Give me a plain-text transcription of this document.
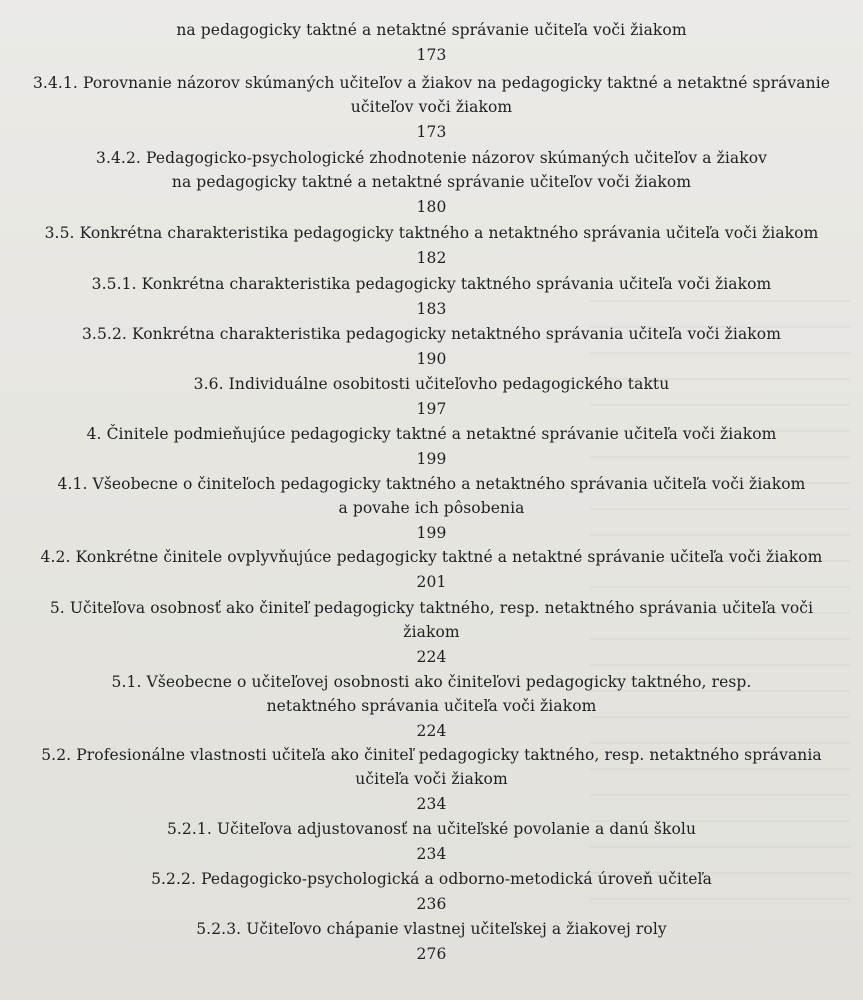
na pedagogicky taktné a netaktné správanie učiteľa voči žiakom
173
3.4.1. Porovnanie názorov skúmaných učiteľov a žiakov na pedagogicky taktné a netaktné správanie
učiteľov voči žiakom
173
3.4.2. Pedagogicko-psychologické zhodnotenie názorov skúmaných učiteľov a žiakov
na pedagogicky taktné a netaktné správanie učiteľov voči žiakom
180
3.5. Konkrétna charakteristika pedagogicky taktného a netaktného správania učiteľa voči žiakom
182
3.5.1. Konkrétna charakteristika pedagogicky taktného správania učiteľa voči žiakom
183
3.5.2. Konkrétna charakteristika pedagogicky netaktného správania učiteľa voči žiakom
190
3.6. Individuálne osobitosti učiteľovho pedagogického taktu
197
4. Činitele podmieňujúce pedagogicky taktné a netaktné správanie učiteľa voči žiakom
199
4.1. Všeobecne o činiteľoch pedagogicky taktného a netaktného správania učiteľa voči žiakom
a povahe ich pôsobenia
199
4.2. Konkrétne činitele ovplyvňujúce pedagogicky taktné a netaktné správanie učiteľa voči žiakom
201
5. Učiteľova osobnosť ako činiteľ pedagogicky taktného, resp. netaktného správania učiteľa voči
žiakom
224
5.1. Všeobecne o učiteľovej osobnosti ako činiteľovi pedagogicky taktného, resp.
netaktného správania učiteľa voči žiakom
224
5.2. Profesionálne vlastnosti učiteľa ako činiteľ pedagogicky taktného, resp. netaktného správania
učiteľa voči žiakom
234
5.2.1. Učiteľova adjustovanosť na učiteľské povolanie a danú školu
234
5.2.2. Pedagogicko-psychologická a odborno-metodická úroveň učiteľa
236
5.2.3. Učiteľovo chápanie vlastnej učiteľskej a žiakovej roly
276
